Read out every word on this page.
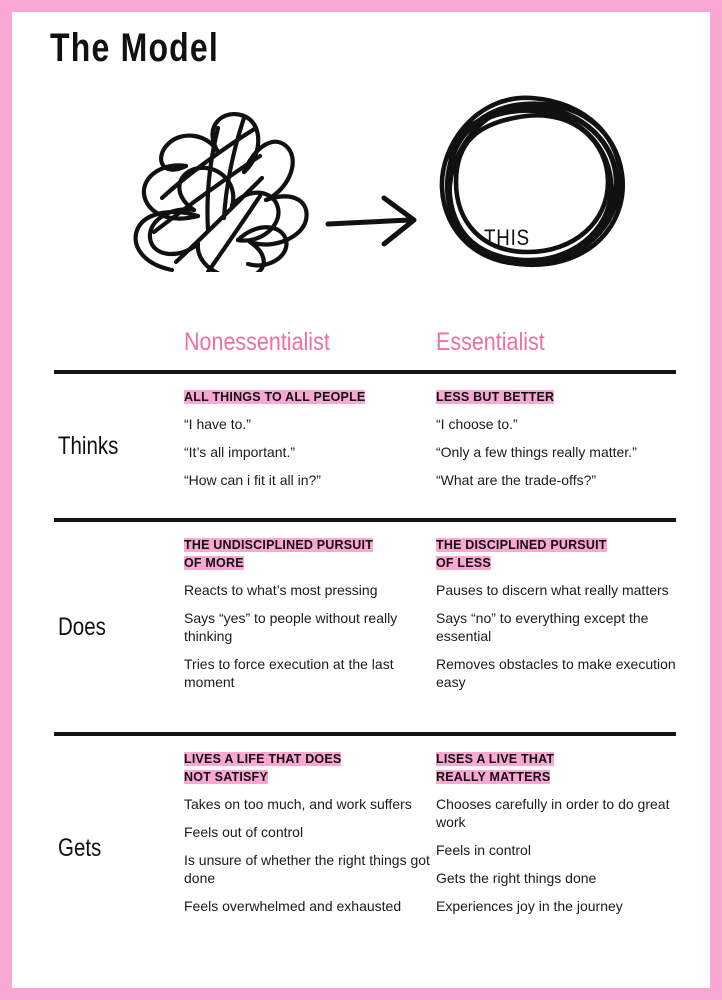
The Model
THIS
Nonessentialist	Essentialist
Thinks
ALL THINGS TO ALL PEOPLE
“I have to.”
“It’s all important.”
“How can i fit it all in?”
LESS BUT BETTER
“I choose to.”
“Only a few things really matter.”
“What are the trade-offs?”
Does
THE UNDISCIPLINED PURSUIT
OF MORE
Reacts to what’s most pressing
Says “yes” to people without really thinking
Tries to force execution at the last moment
THE DISCIPLINED PURSUIT
OF LESS
Pauses to discern what really matters
Says “no” to everything except the essential
Removes obstacles to make execution easy
Gets
LIVES A LIFE THAT DOES
NOT SATISFY
Takes on too much, and work suffers
Feels out of control
Is unsure of whether the right things got done
Feels overwhelmed and exhausted
LISES A LIVE THAT
REALLY MATTERS
Chooses carefully in order to do great work
Feels in control
Gets the right things done
Experiences joy in the journey
